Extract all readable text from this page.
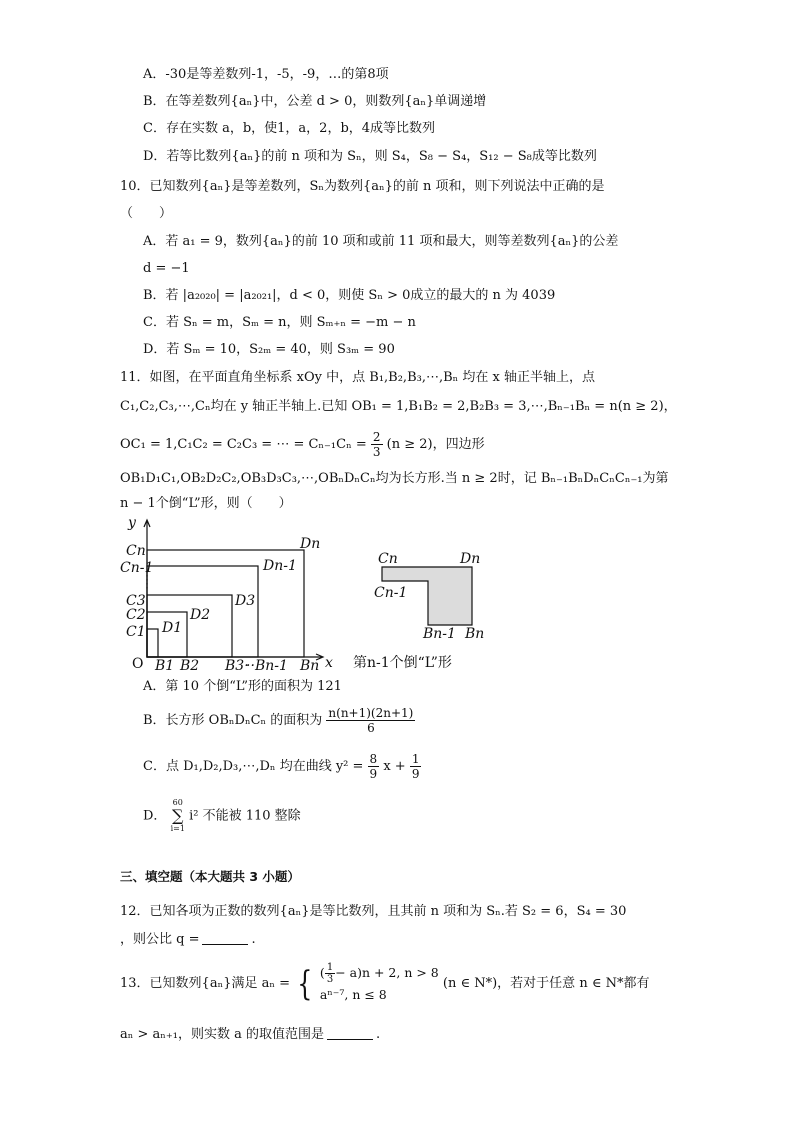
A．-30是等差数列-1，-5，-9，…的第8项
B．在等差数列{aₙ}中，公差 d > 0，则数列{aₙ}单调递增
C．存在实数 a，b，使1，a，2，b，4成等比数列
D．若等比数列{aₙ}的前 n 项和为 Sₙ，则 S₄，S₈ − S₄，S₁₂ − S₈成等比数列
10．已知数列{aₙ}是等差数列，Sₙ为数列{aₙ}的前 n 项和，则下列说法中正确的是
（　　）
A．若 a₁ = 9，数列{aₙ}的前 10 项和或前 11 项和最大，则等差数列{aₙ}的公差
d = −1
B．若 |a₂₀₂₀| = |a₂₀₂₁|，d < 0，则使 Sₙ > 0成立的最大的 n 为 4039
C．若 Sₙ = m，Sₘ = n，则 Sₘ₊ₙ = −m − n
D．若 Sₘ = 10，S₂ₘ = 40，则 S₃ₘ = 90
11．如图，在平面直角坐标系 xOy 中，点 B₁,B₂,B₃,⋯,Bₙ 均在 x 轴正半轴上，点
C₁,C₂,C₃,⋯,Cₙ均在 y 轴正半轴上.已知 OB₁ = 1,B₁B₂ = 2,B₂B₃ = 3,⋯,Bₙ₋₁Bₙ = n(n ≥ 2)，
OC₁ = 1,C₁C₂ = C₂C₃ = ⋯ = $C_{n-1}C_n = \frac{2}{3} (n \ge 2)$，四边形
OB₁D₁C₁,OB₂D₂C₂,OB₃D₃C₃,⋯,OBₙDₙCₙ均为长方形.当 n ≥ 2时，记 Bₙ₋₁BₙDₙCₙCₙ₋₁为第
n − 1个倒“L”形，则（　　）
y
x
O
Cn
Cn-1
C3
C2
C1
Dn
Dn-1
D3
D2
D1
B1 B2 B3·
·· Bn-1 Bn
Cn	Dn
Cn-1
Bn-1 Bn
第n-1个倒“L”形
A．第 10 个倒“L”形的面积为 121
B．长方形 OBₙDₙCₙ 的面积为 $\frac{n(n+1)(2n+1)}{6}$
C．点 D₁,D₂,D₃,⋯,Dₙ 均在曲线 $y^2 = \frac{8}{9}$ $x + \frac{1}{9}$
D．
60
∑
i=1
i² 不能被 110 整除
三、填空题（本大题共 3 小题）
12．已知各项为正数的数列{aₙ}是等比数列，且其前 n 项和为 Sₙ.若 S₂ = 6，S₄ = 30
，则公比 q =	.
13．已知数列{aₙ}满足 aₙ = { ( $\frac{1}{3} - a)n + 2$, n > 8
aⁿ⁻⁷, n ≤ 8
(n ∈ N*)，若对于任意 n ∈ N*都有
aₙ > aₙ₊₁，则实数 a 的取值范围是	.
